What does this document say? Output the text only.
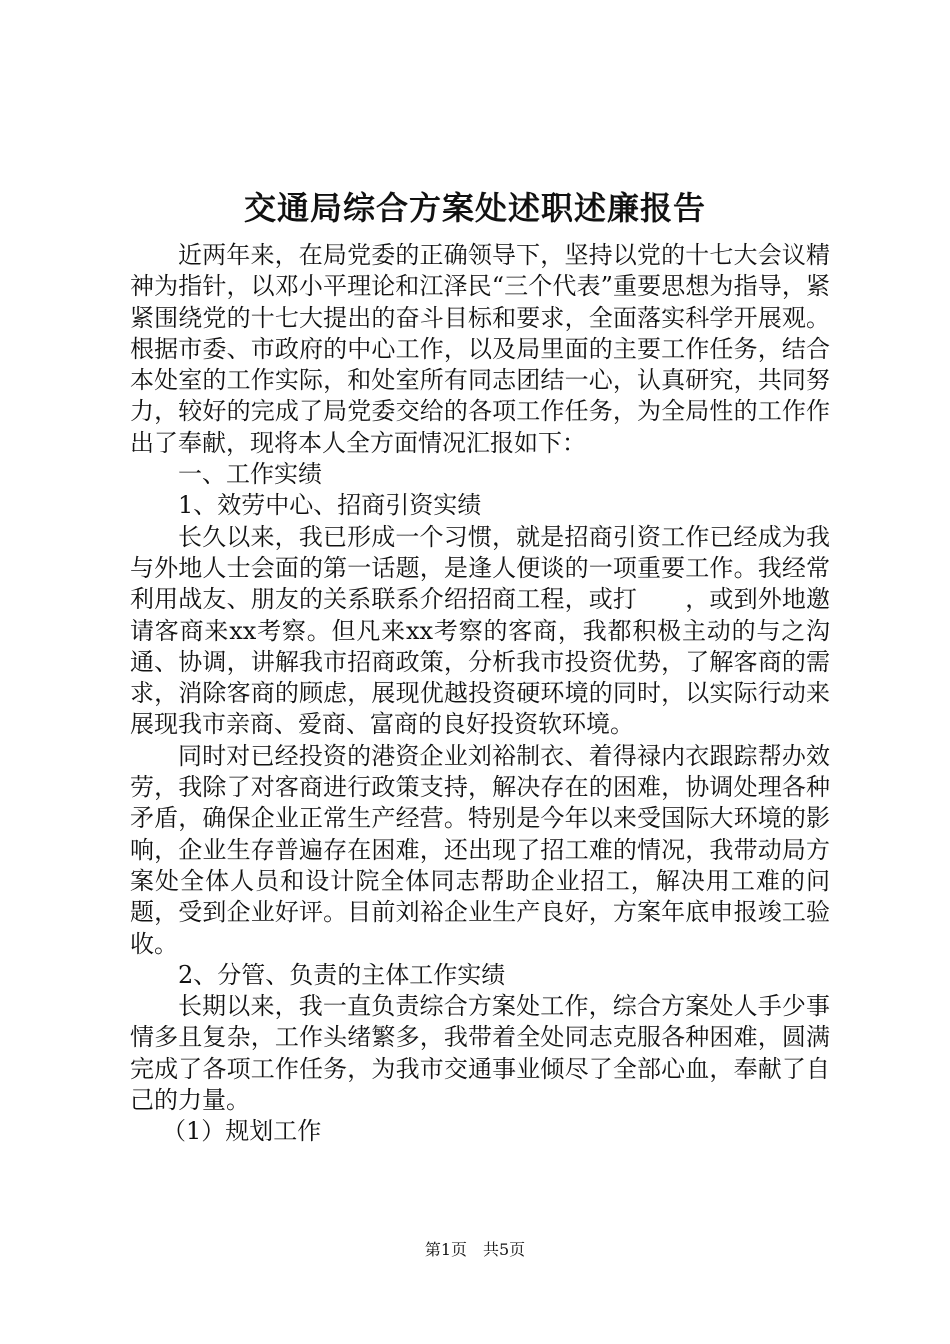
交通局综合方案处述职述廉报告

近两年来，在局党委的正确领导下，坚持以党的十七大会议精神为指针，以邓小平理论和江泽民“三个代表”重要思想为指导，紧紧围绕党的十七大提出的奋斗目标和要求，全面落实科学开展观。根据市委、市政府的中心工作，以及局里面的主要工作任务，结合本处室的工作实际，和处室所有同志团结一心，认真研究，共同努力，较好的完成了局党委交给的各项工作任务，为全局性的工作作出了奉献，现将本人全方面情况汇报如下：

一、工作实绩

1、效劳中心、招商引资实绩

长久以来，我已形成一个习惯，就是招商引资工作已经成为我与外地人士会面的第一话题，是逢人便谈的一项重要工作。我经常利用战友、朋友的关系联系介绍招商工程，或打　　，或到外地邀请客商来xx考察。但凡来xx考察的客商，我都积极主动的与之沟通、协调，讲解我市招商政策，分析我市投资优势，了解客商的需求，消除客商的顾虑，展现优越投资硬环境的同时，以实际行动来展现我市亲商、爱商、富商的良好投资软环境。

同时对已经投资的港资企业刘裕制衣、着得禄内衣跟踪帮办效劳，我除了对客商进行政策支持，解决存在的困难，协调处理各种矛盾，确保企业正常生产经营。特别是今年以来受国际大环境的影响，企业生存普遍存在困难，还出现了招工难的情况，我带动局方案处全体人员和设计院全体同志帮助企业招工，解决用工难的问题，受到企业好评。目前刘裕企业生产良好，方案年底申报竣工验收。

2、分管、负责的主体工作实绩

长期以来，我一直负责综合方案处工作，综合方案处人手少事情多且复杂，工作头绪繁多，我带着全处同志克服各种困难，圆满完成了各项工作任务，为我市交通事业倾尽了全部心血，奉献了自己的力量。

（1）规划工作

第1页　共5页
